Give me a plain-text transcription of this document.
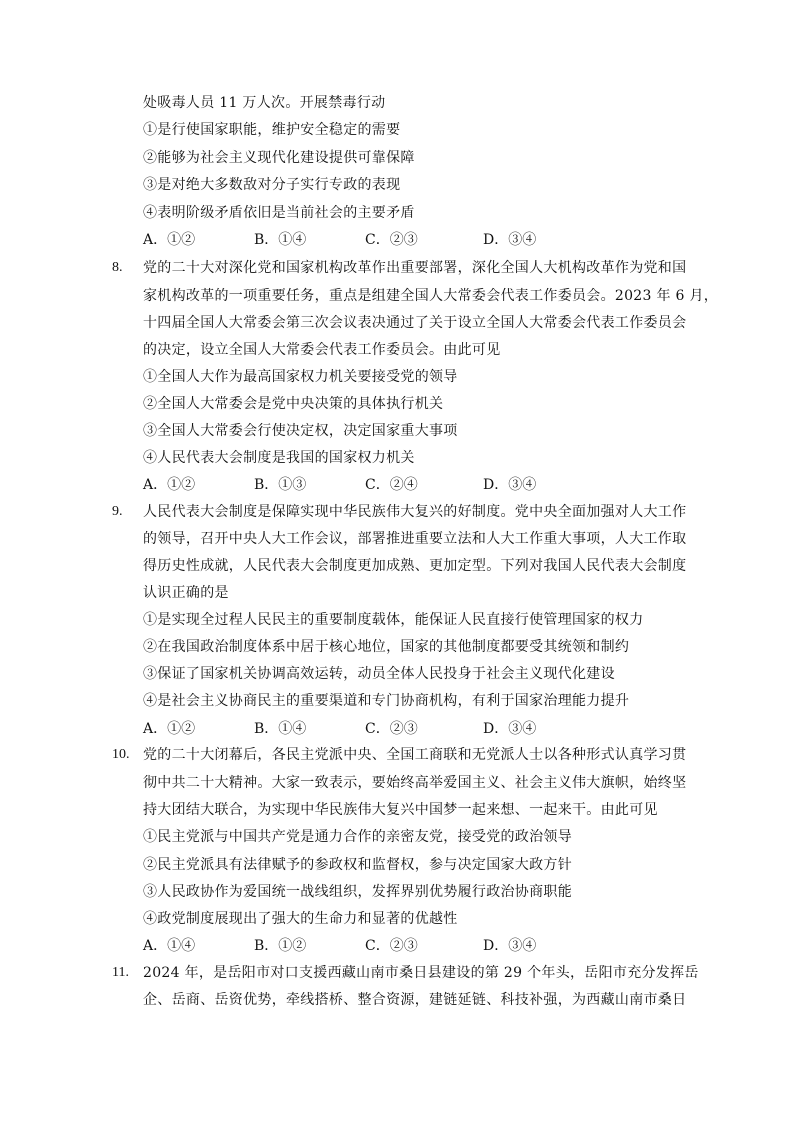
处吸毒人员 11 万人次。开展禁毒行动
①是行使国家职能，维护安全稳定的需要
②能够为社会主义现代化建设提供可靠保障
③是对绝大多数敌对分子实行专政的表现
④表明阶级矛盾依旧是当前社会的主要矛盾
A．①②	B．①④	C．②③	D．③④
8. 党的二十大对深化党和国家机构改革作出重要部署，深化全国人大机构改革作为党和国
家机构改革的一项重要任务，重点是组建全国人大常委会代表工作委员会。2023 年 6 月，
十四届全国人大常委会第三次会议表决通过了关于设立全国人大常委会代表工作委员会
的决定，设立全国人大常委会代表工作委员会。由此可见
①全国人大作为最高国家权力机关要接受党的领导
②全国人大常委会是党中央决策的具体执行机关
③全国人大常委会行使决定权，决定国家重大事项
④人民代表大会制度是我国的国家权力机关
A．①②	B．①③	C．②④	D．③④
9. 人民代表大会制度是保障实现中华民族伟大复兴的好制度。党中央全面加强对人大工作
的领导，召开中央人大工作会议，部署推进重要立法和人大工作重大事项，人大工作取
得历史性成就，人民代表大会制度更加成熟、更加定型。下列对我国人民代表大会制度
认识正确的是
①是实现全过程人民民主的重要制度载体，能保证人民直接行使管理国家的权力
②在我国政治制度体系中居于核心地位，国家的其他制度都要受其统领和制约
③保证了国家机关协调高效运转，动员全体人民投身于社会主义现代化建设
④是社会主义协商民主的重要渠道和专门协商机构，有利于国家治理能力提升
A．①②	B．①④	C．②③	D．③④
10. 党的二十大闭幕后，各民主党派中央、全国工商联和无党派人士以各种形式认真学习贯
彻中共二十大精神。大家一致表示，要始终高举爱国主义、社会主义伟大旗帜，始终坚
持大团结大联合，为实现中华民族伟大复兴中国梦一起来想、一起来干。由此可见
①民主党派与中国共产党是通力合作的亲密友党，接受党的政治领导
②民主党派具有法律赋予的参政权和监督权，参与决定国家大政方针
③人民政协作为爱国统一战线组织，发挥界别优势履行政治协商职能
④政党制度展现出了强大的生命力和显著的优越性
A．①④	B．①②	C．②③	D．③④
11. 2024 年，是岳阳市对口支援西藏山南市桑日县建设的第 29 个年头，岳阳市充分发挥岳
企、岳商、岳资优势，牵线搭桥、整合资源，建链延链、科技补强，为西藏山南市桑日
